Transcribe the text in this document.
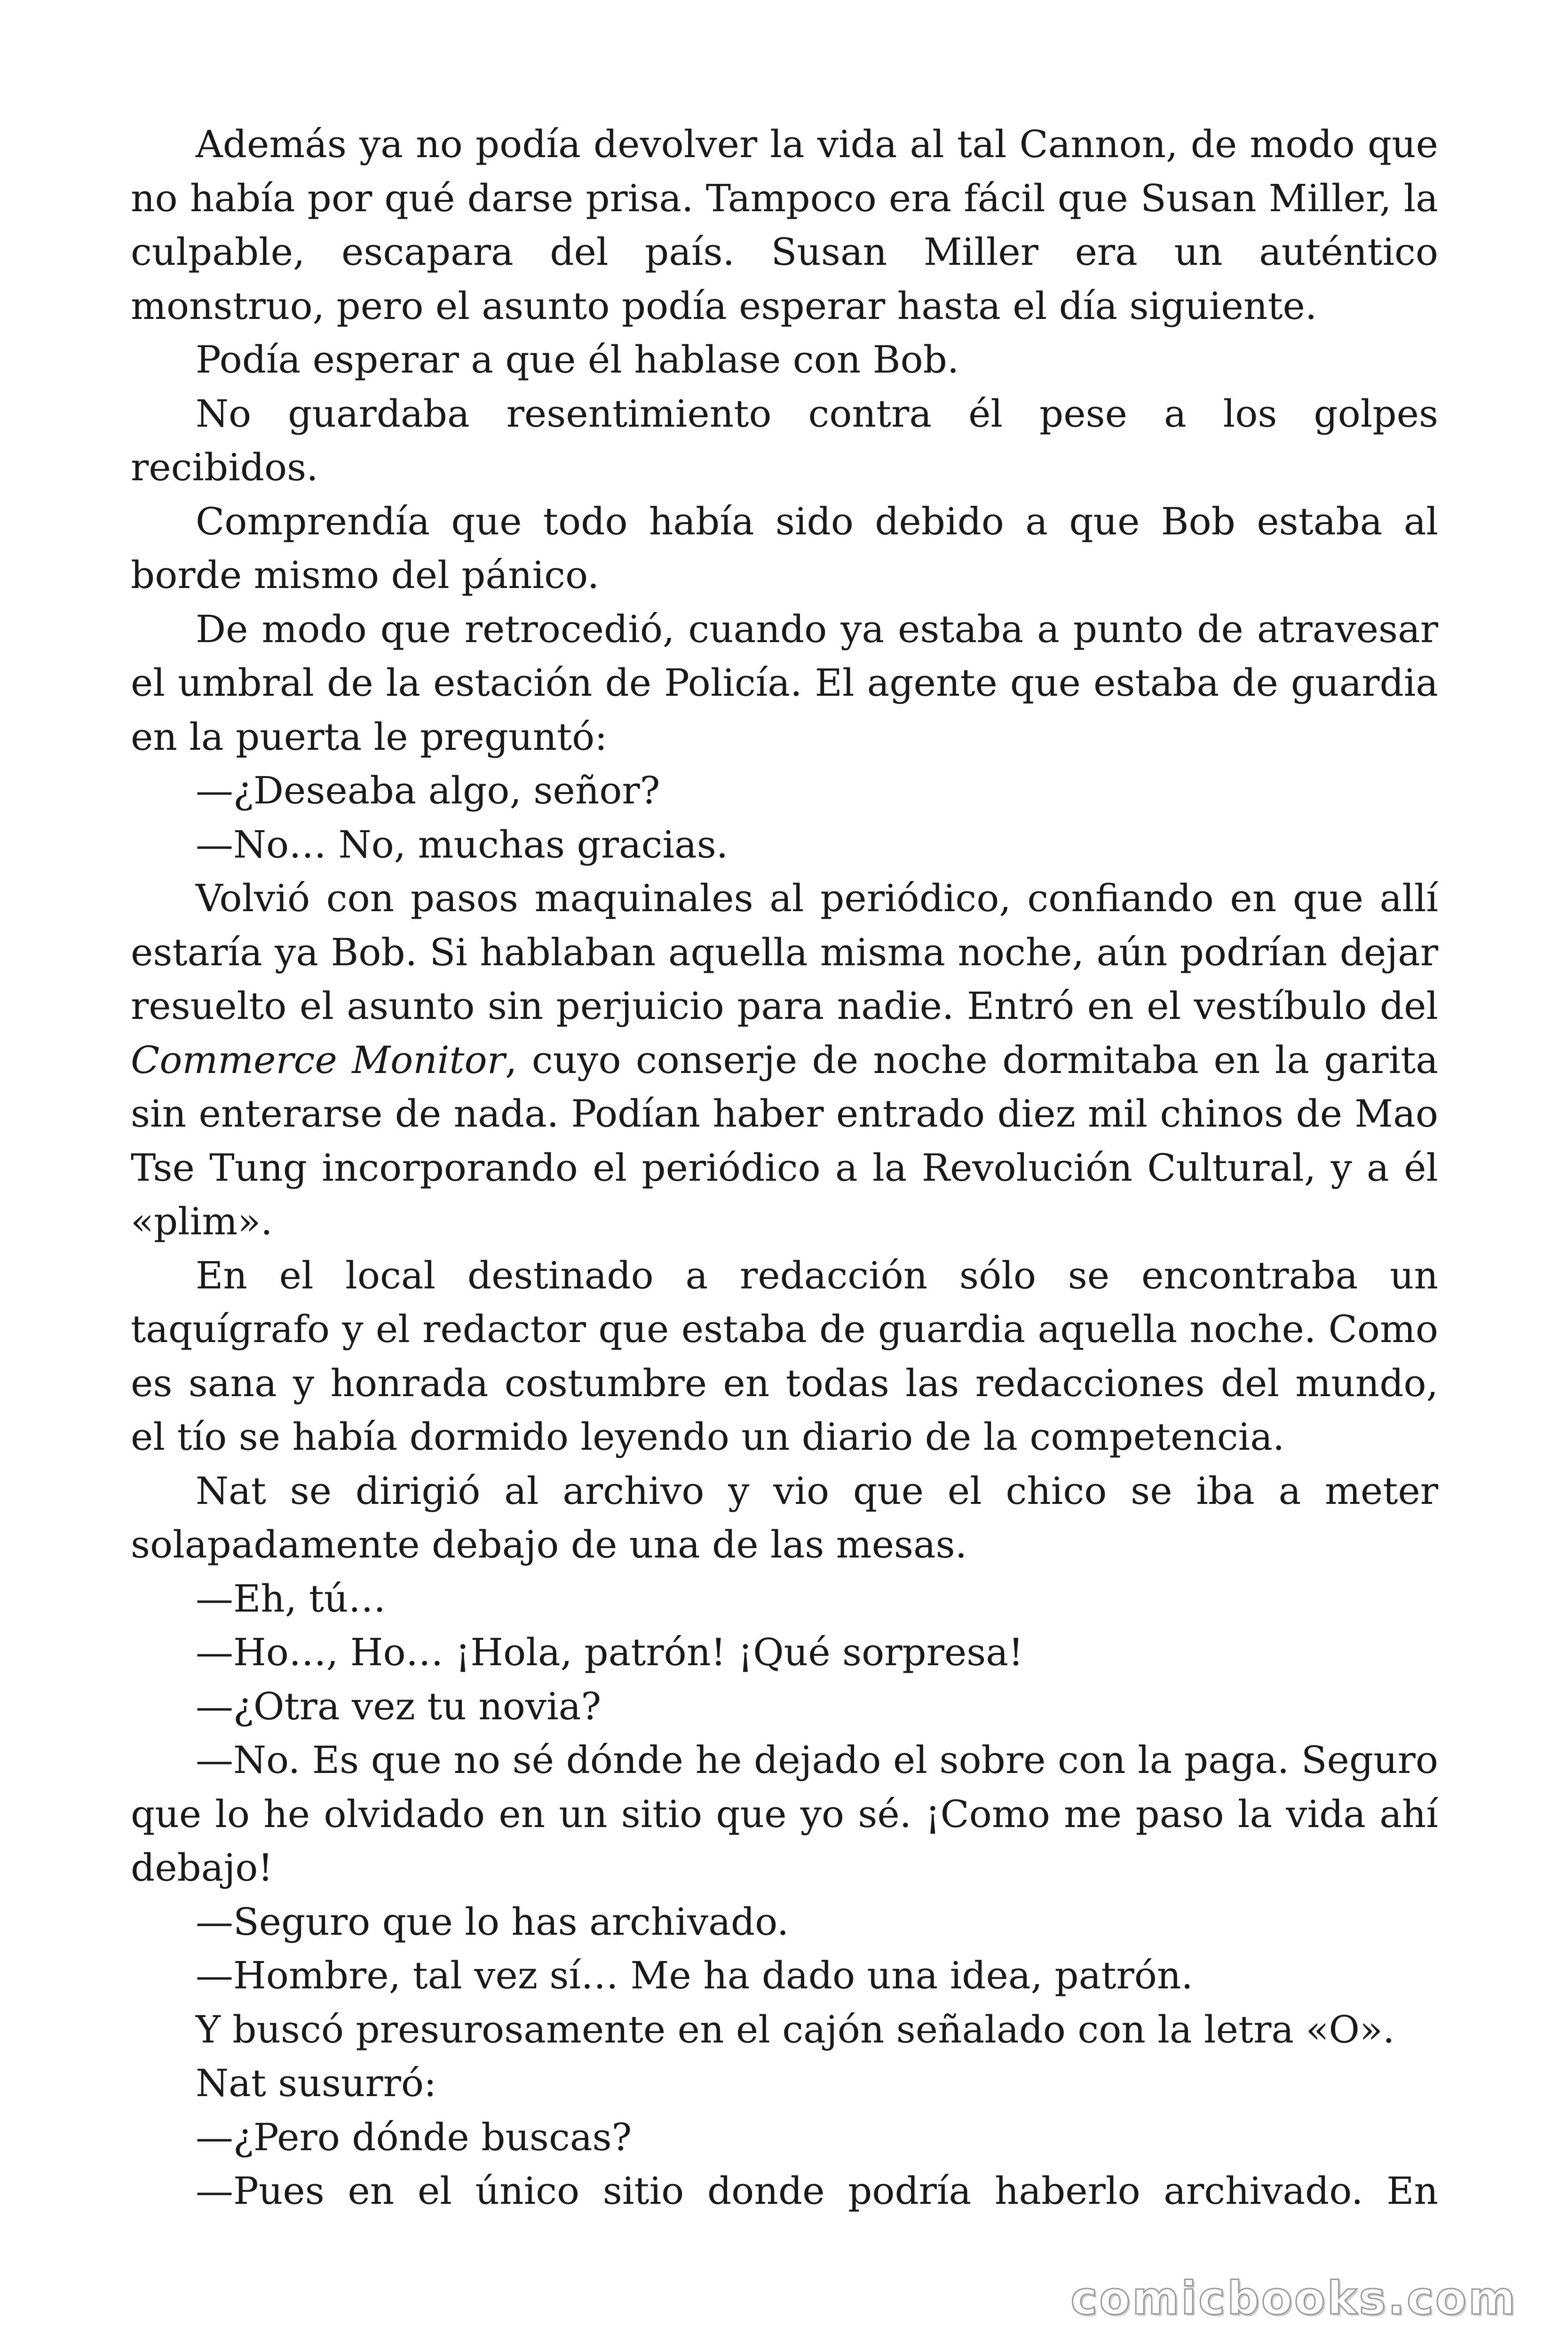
Además ya no podía devolver la vida al tal Cannon, de modo que no había por qué darse prisa. Tampoco era fácil que Susan Miller, la culpable, escapara del país. Susan Miller era un auténtico monstruo, pero el asunto podía esperar hasta el día siguiente.

Podía esperar a que él hablase con Bob.

No guardaba resentimiento contra él pese a los golpes recibidos.

Comprendía que todo había sido debido a que Bob estaba al borde mismo del pánico.

De modo que retrocedió, cuando ya estaba a punto de atravesar el umbral de la estación de Policía. El agente que estaba de guardia en la puerta le preguntó:

—¿Deseaba algo, señor?

—No… No, muchas gracias.

Volvió con pasos maquinales al periódico, confiando en que allí estaría ya Bob. Si hablaban aquella misma noche, aún podrían dejar resuelto el asunto sin perjuicio para nadie. Entró en el vestíbulo del Commerce Monitor, cuyo conserje de noche dormitaba en la garita sin enterarse de nada. Podían haber entrado diez mil chinos de Mao Tse Tung incorporando el periódico a la Revolución Cultural, y a él «plim».

En el local destinado a redacción sólo se encontraba un taquígrafo y el redactor que estaba de guardia aquella noche. Como es sana y honrada costumbre en todas las redacciones del mundo, el tío se había dormido leyendo un diario de la competencia.

Nat se dirigió al archivo y vio que el chico se iba a meter solapadamente debajo de una de las mesas.

—Eh, tú…

—Ho…, Ho… ¡Hola, patrón! ¡Qué sorpresa!

—¿Otra vez tu novia?

—No. Es que no sé dónde he dejado el sobre con la paga. Seguro que lo he olvidado en un sitio que yo sé. ¡Como me paso la vida ahí debajo!

—Seguro que lo has archivado.

—Hombre, tal vez sí… Me ha dado una idea, patrón.

Y buscó presurosamente en el cajón señalado con la letra «O».

Nat susurró:

—¿Pero dónde buscas?

—Pues en el único sitio donde podría haberlo archivado. En

comicbooks.com
